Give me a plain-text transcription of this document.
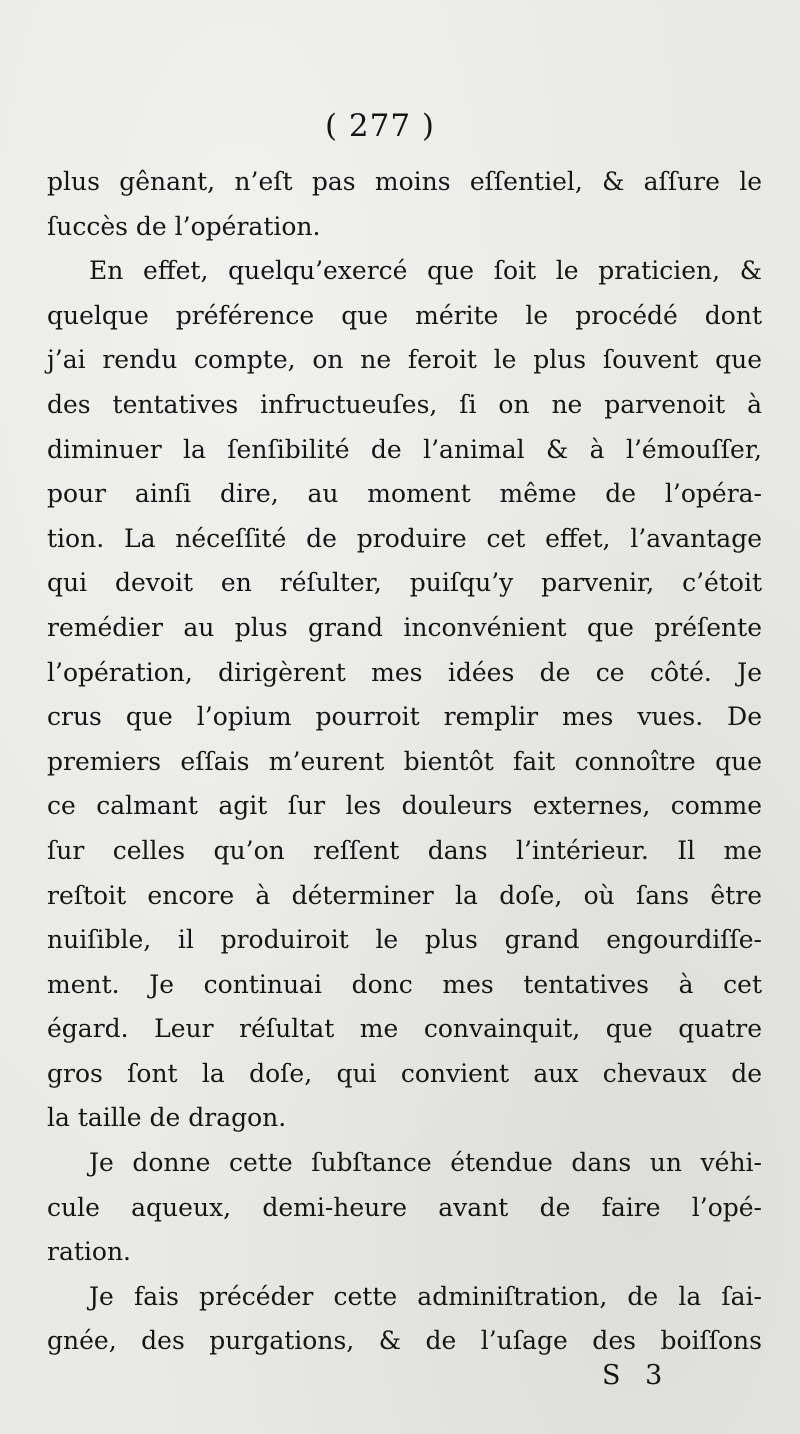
( 277 )
plus gênant, n’eſt pas moins eſſentiel, & aſſure le
ſuccès de l’opération.
En effet, quelqu’exercé que ſoit le praticien, &
quelque préférence que mérite le procédé dont
j’ai rendu compte, on ne feroit le plus ſouvent que
des tentatives infructueuſes, ſi on ne parvenoit à
diminuer la ſenſibilité de l’animal & à l’émouſſer,
pour ainſi dire, au moment même de l’opéra-
tion. La néceſſité de produire cet effet, l’avantage
qui devoit en réſulter, puiſqu’y parvenir, c’étoit
remédier au plus grand inconvénient que préſente
l’opération, dirigèrent mes idées de ce côté. Je
crus que l’opium pourroit remplir mes vues. De
premiers eſſais m’eurent bientôt fait connoître que
ce calmant agit ſur les douleurs externes, comme
ſur celles qu’on reſſent dans l’intérieur. Il me
reſtoit encore à déterminer la doſe, où ſans être
nuiſible, il produiroit le plus grand engourdiſſe-
ment. Je continuai donc mes tentatives à cet
égard. Leur réſultat me convainquit, que quatre
gros ſont la doſe, qui convient aux chevaux de
la taille de dragon.
Je donne cette ſubſtance étendue dans un véhi-
cule aqueux, demi-heure avant de faire l’opé-
ration.
Je fais précéder cette adminiſtration, de la ſai-
gnée, des purgations, & de l’uſage des boiſſons
S 3
